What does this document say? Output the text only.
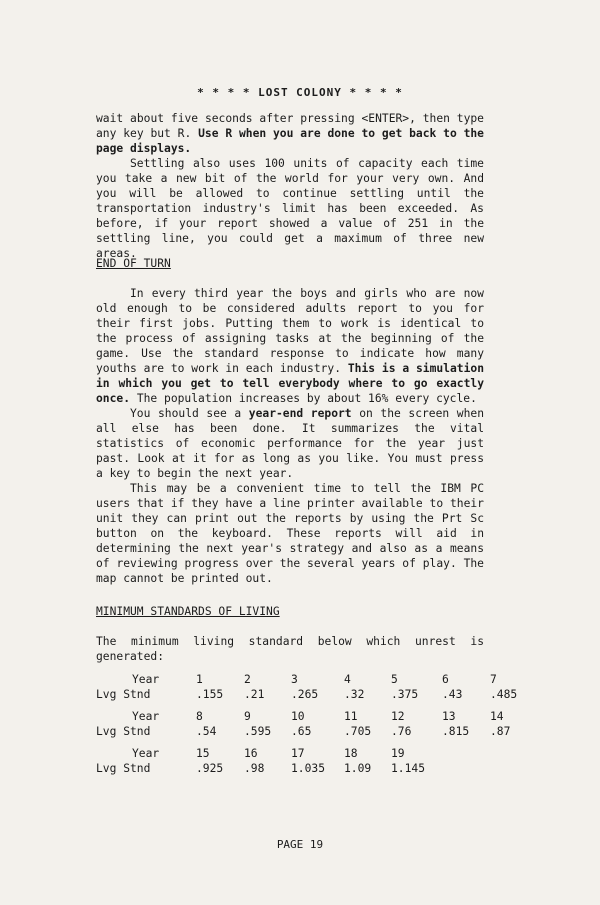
* * * * LOST COLONY * * * *

wait about five seconds after pressing <ENTER>, then type any key but R. Use R when you are done to get back to the page displays.

Settling also uses 100 units of capacity each time you take a new bit of the world for your very own. And you will be allowed to continue settling until the transportation industry's limit has been exceeded. As before, if your report showed a value of 251 in the settling line, you could get a maximum of three new areas.

END OF TURN

In every third year the boys and girls who are now old enough to be considered adults report to you for their first jobs. Putting them to work is identical to the process of assigning tasks at the beginning of the game. Use the standard response to indicate how many youths are to work in each industry. This is a simulation in which you get to tell everybody where to go exactly once. The population increases by about 16% every cycle.

You should see a year-end report on the screen when all else has been done. It summarizes the vital statistics of economic performance for the year just past. Look at it for as long as you like. You must press a key to begin the next year.

This may be a convenient time to tell the IBM PC users that if they have a line printer available to their unit they can print out the reports by using the Prt Sc button on the keyboard. These reports will aid in determining the next year's strategy and also as a means of reviewing progress over the several years of play. The map cannot be printed out.

MINIMUM STANDARDS OF LIVING

The minimum living standard below which unrest is generated:

	Year	1	2	3	4	5	6	7
Lvg Stnd		.155	.21	.265	.32	.375	.43	.485
	Year	8	9	10	11	12	13	14
Lvg Stnd		.54	.595	.65	.705	.76	.815	.87
	Year	15	16	17	18	19
Lvg Stnd		.925	.98	1.035	1.09	1.145
PAGE 19
